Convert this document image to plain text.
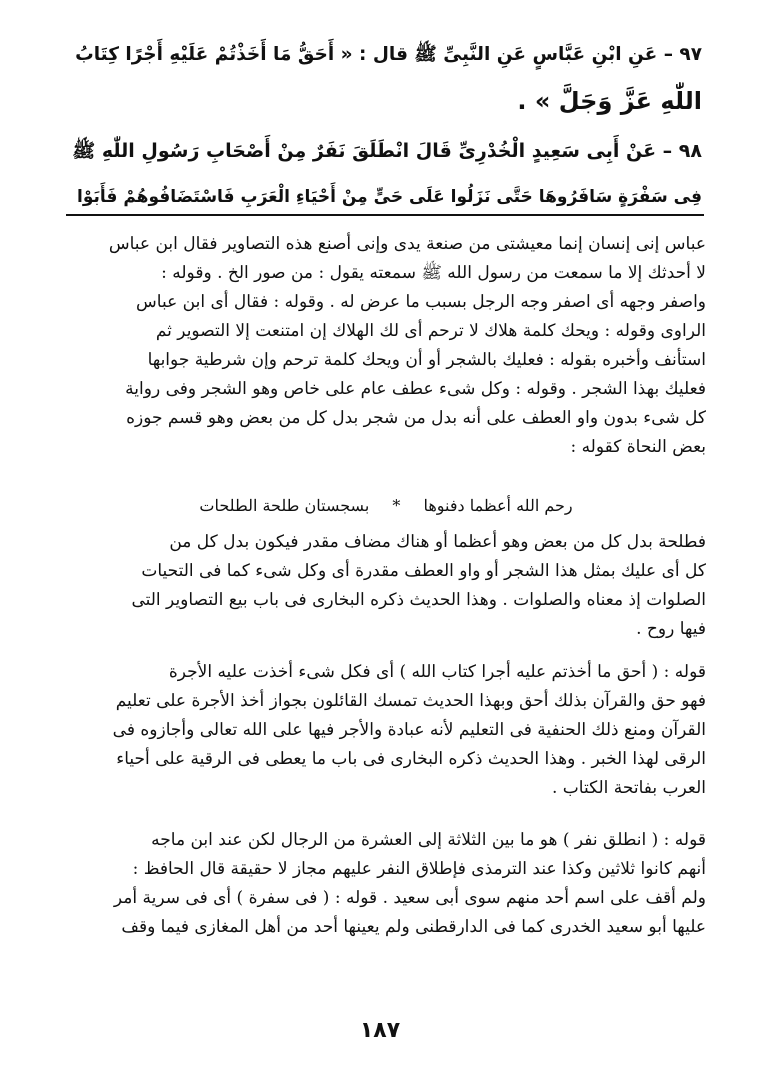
٩٧ – عَنِ ابْنِ عَبَّاسٍ عَنِ النَّبِىِّ ﷺ قال : « أَحَقُّ مَا أَخَذْتُمْ عَلَيْهِ أَجْرًا كِتَابُ
اللّٰهِ عَزَّ وَجَلَّ » .
٩٨ – عَنْ أَبِى سَعِيدٍ الْخُدْرِىِّ قَالَ انْطَلَقَ نَفَرٌ مِنْ أَصْحَابِ رَسُولِ اللّٰهِ ﷺ
فِى سَفْرَةٍ سَافَرُوهَا حَتَّى نَزَلُوا عَلَى حَىٍّ مِنْ أَحْيَاءِ الْعَرَبِ فَاسْتَضَافُوهُمْ فَأَبَوْا
عباس إنى إنسان إنما معيشتى من صنعة يدى وإنى أصنع هذه التصاوير فقال ابن عباس
لا أحدثك إلا ما سمعت من رسول الله ﷺ سمعته يقول : من صور الخ . وقوله :
واصفر وجهه أى اصفر وجه الرجل بسبب ما عرض له . وقوله : فقال أى ابن عباس
الراوى وقوله : ويحك كلمة هلاك لا ترحم أى لك الهلاك إن امتنعت إلا التصوير ثم
استأنف وأخبره بقوله : فعليك بالشجر أو أن ويحك كلمة ترحم وإن شرطية جوابها
فعليك بهذا الشجر . وقوله : وكل شىء عطف عام على خاص وهو الشجر وفى رواية
كل شىء بدون واو العطف على أنه بدل من شجر بدل كل من بعض وهو قسم جوزه
بعض النحاة كقوله :
رحم الله أعظما دفنوها * بسجستان طلحة الطلحات
فطلحة بدل كل من بعض وهو أعظما أو هناك مضاف مقدر فيكون بدل كل من
كل أى عليك بمثل هذا الشجر أو واو العطف مقدرة أى وكل شىء كما فى التحيات
الصلوات إذ معناه والصلوات . وهذا الحديث ذكره البخارى فى باب بيع التصاوير التى
فيها روح .
قوله : ( أحق ما أخذتم عليه أجرا كتاب الله ) أى فكل شىء أخذت عليه الأجرة
فهو حق والقرآن بذلك أحق وبهذا الحديث تمسك القائلون بجواز أخذ الأجرة على تعليم
القرآن ومنع ذلك الحنفية فى التعليم لأنه عبادة والأجر فيها على الله تعالى وأجازوه فى
الرقى لهذا الخبر . وهذا الحديث ذكره البخارى فى باب ما يعطى فى الرقية على أحياء
العرب بفاتحة الكتاب .
قوله : ( انطلق نفر ) هو ما بين الثلاثة إلى العشرة من الرجال لكن عند ابن ماجه
أنهم كانوا ثلاثين وكذا عند الترمذى فإطلاق النفر عليهم مجاز لا حقيقة قال الحافظ :
ولم أقف على اسم أحد منهم سوى أبى سعيد . قوله : ( فى سفرة ) أى فى سرية أمر
عليها أبو سعيد الخدرى كما فى الدارقطنى ولم يعينها أحد من أهل المغازى فيما وقف
١٨٧
